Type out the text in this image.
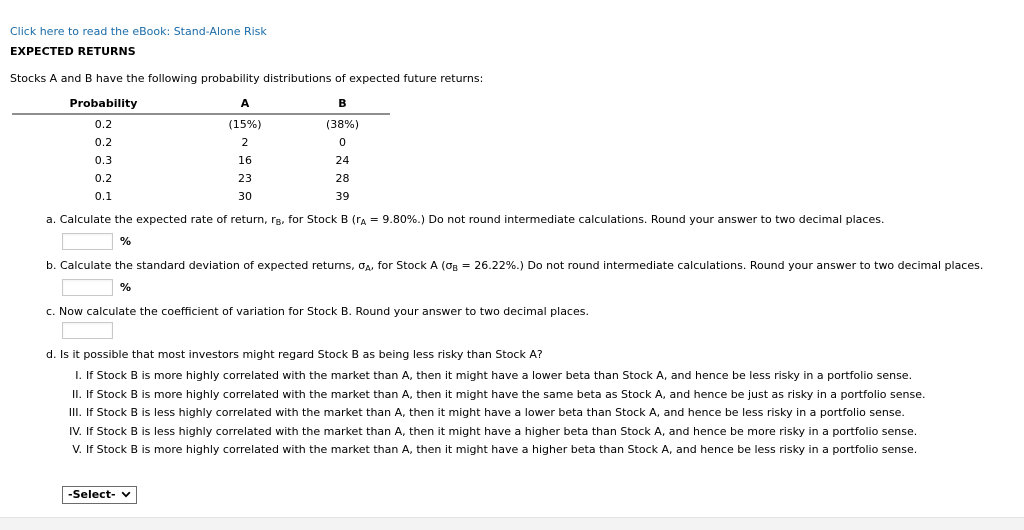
Click here to read the eBook: Stand-Alone Risk
EXPECTED RETURNS
Stocks A and B have the following probability distributions of expected future returns:
Probability	A	B
0.2	(15%)	(38%)
0.2	2	0
0.3	16	24
0.2	23	28
0.1	30	39
a. Calculate the expected rate of return, $r_B$, for Stock B $(r_A = 9.80\%.)$ Do not round intermediate calculations. Round your answer to two decimal places.
%
b. Calculate the standard deviation of expected returns, $\sigma_A$, for Stock A $(\sigma_B = 26.22\%.)$ Do not round intermediate calculations. Round your answer to two decimal places.
%
c. Now calculate the coefficient of variation for Stock B. Round your answer to two decimal places.
d. Is it possible that most investors might regard Stock B as being less risky than Stock A?
I. If Stock B is more highly correlated with the market than A, then it might have a lower beta than Stock A, and hence be less risky in a portfolio sense.
II. If Stock B is more highly correlated with the market than A, then it might have the same beta as Stock A, and hence be just as risky in a portfolio sense.
III. If Stock B is less highly correlated with the market than A, then it might have a lower beta than Stock A, and hence be less risky in a portfolio sense.
IV. If Stock B is less highly correlated with the market than A, then it might have a higher beta than Stock A, and hence be more risky in a portfolio sense.
V. If Stock B is more highly correlated with the market than A, then it might have a higher beta than Stock A, and hence be less risky in a portfolio sense.
-Select-
